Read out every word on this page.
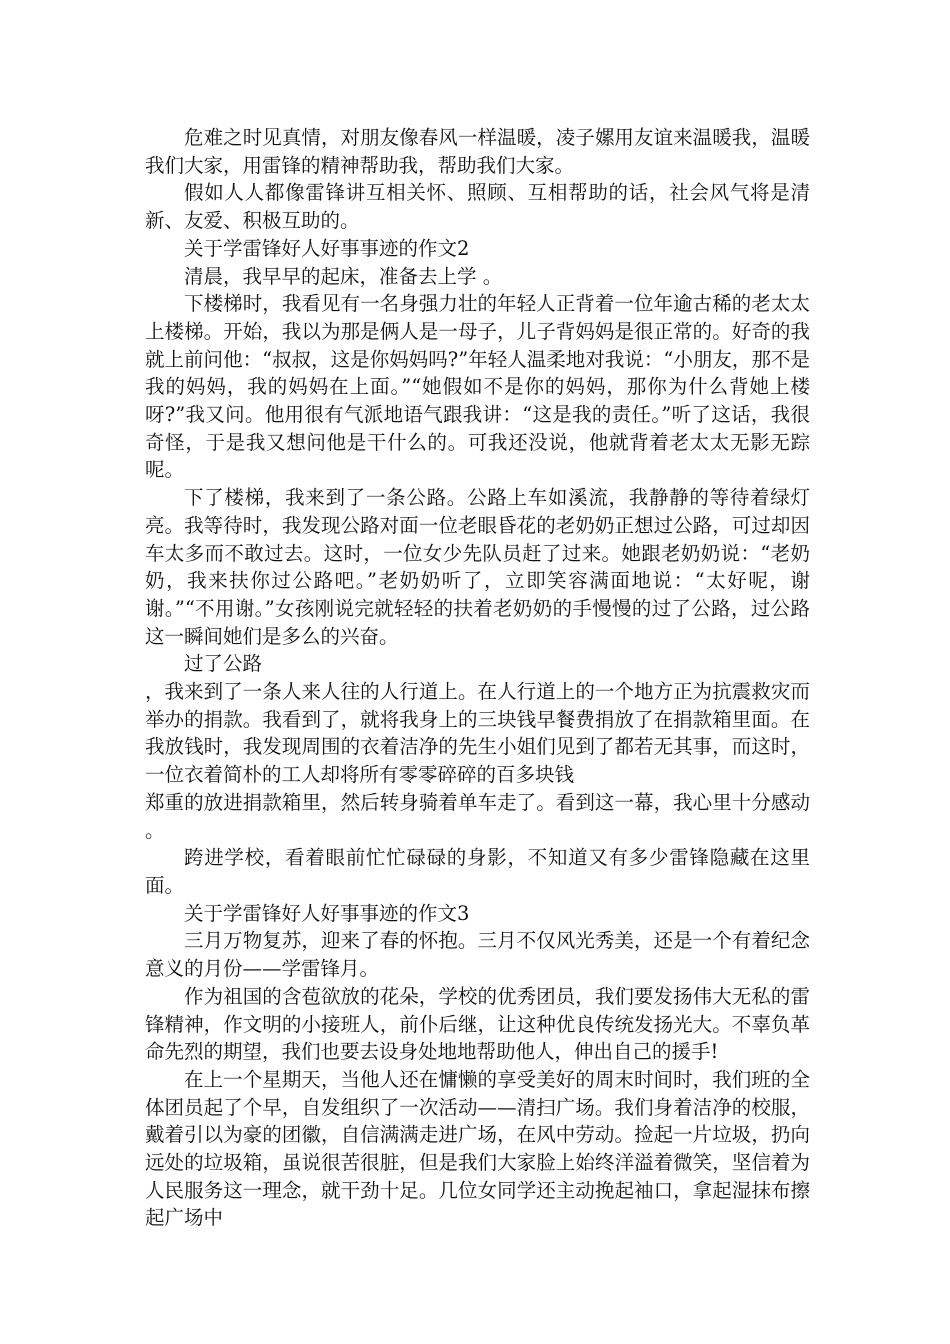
危难之时见真情，对朋友像春风一样温暖，凌子嫘用友谊来温暖我，温暖我们大家，用雷锋的精神帮助我，帮助我们大家。

假如人人都像雷锋讲互相关怀、照顾、互相帮助的话，社会风气将是清新、友爱、积极互助的。

关于学雷锋好人好事事迹的作文2

清晨，我早早的起床，准备去上学 。

下楼梯时，我看见有一名身强力壮的年轻人正背着一位年逾古稀的老太太上楼梯。开始，我以为那是俩人是一母子，儿子背妈妈是很正常的。好奇的我就上前问他：“叔叔，这是你妈妈吗?”年轻人温柔地对我说：“小朋友，那不是我的妈妈，我的妈妈在上面。”“她假如不是你的妈妈，那你为什么背她上楼呀?”我又问。他用很有气派地语气跟我讲：“这是我的责任。”听了这话，我很奇怪，于是我又想问他是干什么的。可我还没说，他就背着老太太无影无踪呢。

下了楼梯，我来到了一条公路。公路上车如溪流，我静静的等待着绿灯亮。我等待时，我发现公路对面一位老眼昏花的老奶奶正想过公路，可过却因车太多而不敢过去。这时，一位女少先队员赶了过来。她跟老奶奶说：“老奶奶，我来扶你过公路吧。”老奶奶听了，立即笑容满面地说：“太好呢，谢谢。”“不用谢。”女孩刚说完就轻轻的扶着老奶奶的手慢慢的过了公路，过公路这一瞬间她们是多么的兴奋。

过了公路

，我来到了一条人来人往的人行道上。在人行道上的一个地方正为抗震救灾而举办的捐款。我看到了，就将我身上的三块钱早餐费捐放了在捐款箱里面。在我放钱时，我发现周围的衣着洁净的先生小姐们见到了都若无其事，而这时，一位衣着简朴的工人却将所有零零碎碎的百多块钱

郑重的放进捐款箱里，然后转身骑着单车走了。看到这一幕，我心里十分感动 。

跨进学校，看着眼前忙忙碌碌的身影，不知道又有多少雷锋隐藏在这里面。

关于学雷锋好人好事事迹的作文3

三月万物复苏，迎来了春的怀抱。三月不仅风光秀美，还是一个有着纪念意义的月份——学雷锋月。

作为祖国的含苞欲放的花朵，学校的优秀团员，我们要发扬伟大无私的雷锋精神，作文明的小接班人，前仆后继，让这种优良传统发扬光大。不辜负革命先烈的期望，我们也要去设身处地地帮助他人，伸出自己的援手!

在上一个星期天，当他人还在慵懒的享受美好的周末时间时，我们班的全体团员起了个早，自发组织了一次活动——清扫广场。我们身着洁净的校服，戴着引以为豪的团徽，自信满满走进广场，在风中劳动。捡起一片垃圾，扔向远处的垃圾箱，虽说很苦很脏，但是我们大家脸上始终洋溢着微笑，坚信着为人民服务这一理念，就干劲十足。几位女同学还主动挽起袖口，拿起湿抹布擦起广场中
